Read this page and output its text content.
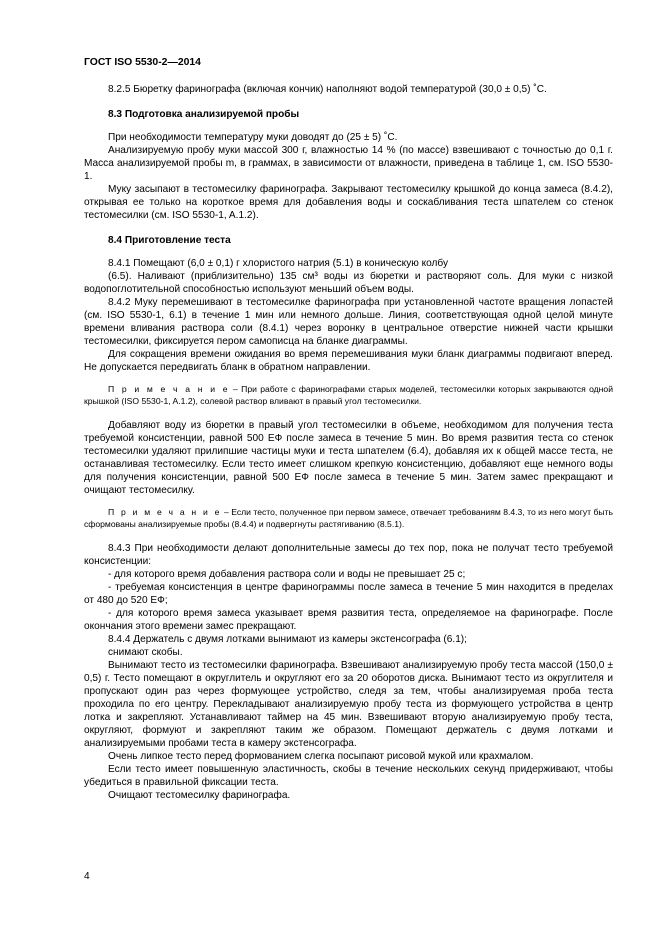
ГОСТ ISO 5530-2—2014

8.2.5 Бюретку фаринографа (включая кончик) наполняют водой температурой (30,0 ± 0,5) ˚С.

8.3 Подготовка анализируемой пробы

При необходимости температуру муки доводят до (25 ± 5) ˚С.

Анализируемую пробу муки массой 300 г, влажностью 14 % (по массе) взвешивают с точностью до 0,1 г. Масса анализируемой пробы m, в граммах, в зависимости от влажности, приведена в таблице 1, см. ISO 5530-1.

Муку засыпают в тестомесилку фаринографа. Закрывают тестомесилку крышкой до конца замеса (8.4.2), открывая ее только на короткое время для добавления воды и соскабливания теста шпателем со стенок тестомесилки (см. ISO 5530-1, A.1.2).

8.4 Приготовление теста

8.4.1 Помещают (6,0 ± 0,1) г хлористого натрия (5.1) в коническую колбу

(6.5). Наливают (приблизительно) 135 см³ воды из бюретки и растворяют соль. Для муки с низкой водопоглотительной способностью используют меньший объем воды.

8.4.2 Муку перемешивают в тестомесилке фаринографа при установленной частоте вращения лопастей (см. ISO 5530-1, 6.1) в течение 1 мин или немного дольше. Линия, соответствующая одной целой минуте времени вливания раствора соли (8.4.1) через воронку в центральное отверстие нижней части крышки тестомесилки, фиксируется пером самописца на бланке диаграммы.

Для сокращения времени ожидания во время перемешивания муки бланк диаграммы подвигают вперед. Не допускается передвигать бланк в обратном направлении.

П р и м е ч а н и е – При работе с фаринографами старых моделей, тестомесилки которых закрываются одной крышкой (ISO 5530-1, A.1.2), солевой раствор вливают в правый угол тестомесилки.

Добавляют воду из бюретки в правый угол тестомесилки в объеме, необходимом для получения теста требуемой консистенции, равной 500 ЕФ после замеса в течение 5 мин. Во время развития теста со стенок тестомесилки удаляют прилипшие частицы муки и теста шпателем (6.4), добавляя их к общей массе теста, не останавливая тестомесилку. Если тесто имеет слишком крепкую консистенцию, добавляют еще немного воды для получения консистенции, равной 500 ЕФ после замеса в течение 5 мин. Затем замес прекращают и очищают тестомесилку.

П р и м е ч а н и е – Если тесто, полученное при первом замесе, отвечает требованиям 8.4.3, то из него могут быть сформованы анализируемые пробы (8.4.4) и подвергнуты растягиванию (8.5.1).

8.4.3 При необходимости делают дополнительные замесы до тех пор, пока не получат тесто требуемой консистенции:

- для которого время добавления раствора соли и воды не превышает 25 с;

- требуемая консистенция в центре фаринограммы после замеса в течение 5 мин находится в пределах от 480 до 520 ЕФ;

- для которого время замеса указывает время развития теста, определяемое на фаринографе. После окончания этого времени замес прекращают.

8.4.4 Держатель с двумя лотками вынимают из камеры экстенсографа (6.1);

снимают скобы.

Вынимают тесто из тестомесилки фаринографа. Взвешивают анализируемую пробу теста массой (150,0 ± 0,5) г. Тесто помещают в округлитель и округляют его за 20 оборотов диска. Вынимают тесто из округлителя и пропускают один раз через формующее устройство, следя за тем, чтобы анализируемая проба теста проходила по его центру. Перекладывают анализируемую пробу теста из формующего устройства в центр лотка и закрепляют. Устанавливают таймер на 45 мин. Взвешивают вторую анализируемую пробу теста, округляют, формуют и закрепляют таким же образом. Помещают держатель с двумя лотками и анализируемыми пробами теста в камеру экстенсографа.

Очень липкое тесто перед формованием слегка посыпают рисовой мукой или крахмалом.

Если тесто имеет повышенную эластичность, скобы в течение нескольких секунд придерживают, чтобы убедиться в правильной фиксации теста.

Очищают тестомесилку фаринографа.

4
